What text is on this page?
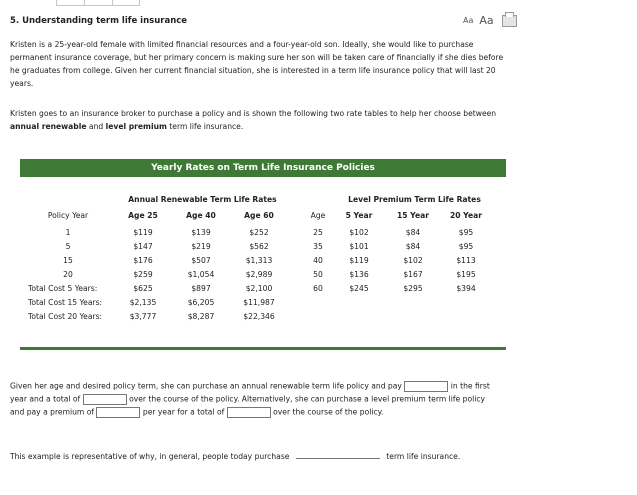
5. Understanding term life insurance	Aa Aa
Kristen is a 25-year-old female with limited financial resources and a four-year-old son. Ideally, she would like to purchase permanent insurance coverage, but her primary concern is making sure her son will be taken care of financially if she dies before he graduates from college. Given her current financial situation, she is interested in a term life insurance policy that will last 20 years.
Kristen goes to an insurance broker to purchase a policy and is shown the following two rate tables to help her choose between annual renewable and level premium term life insurance.
Yearly Rates on Term Life Insurance Policies
Annual Renewable Term Life Rates	Level Premium Term Life Rates
Policy Year	Age 25	Age 40	Age 60	Age	5 Year	15 Year	20 Year
1	$119	$139	$252
5	$147	$219	$562
15	$176	$507	$1,313
20	$259	$1,054	$2,989
Total Cost 5 Years:	$625	$897	$2,100
Total Cost 15 Years:	$2,135	$6,205	$11,987
Total Cost 20 Years:	$3,777	$8,287	$22,346
25	$102	$84	$95
35	$101	$84	$95
40	$119	$102	$113
50	$136	$167	$195
60	$245	$295	$394
Given her age and desired policy term, she can purchase an annual renewable term life policy and pay	in the first
year and a total of	over the course of the policy. Alternatively, she can purchase a level premium term life policy
and pay a premium of	per year for a total of	over the course of the policy.
This example is representative of why, in general, people today purchase	term life insurance.
